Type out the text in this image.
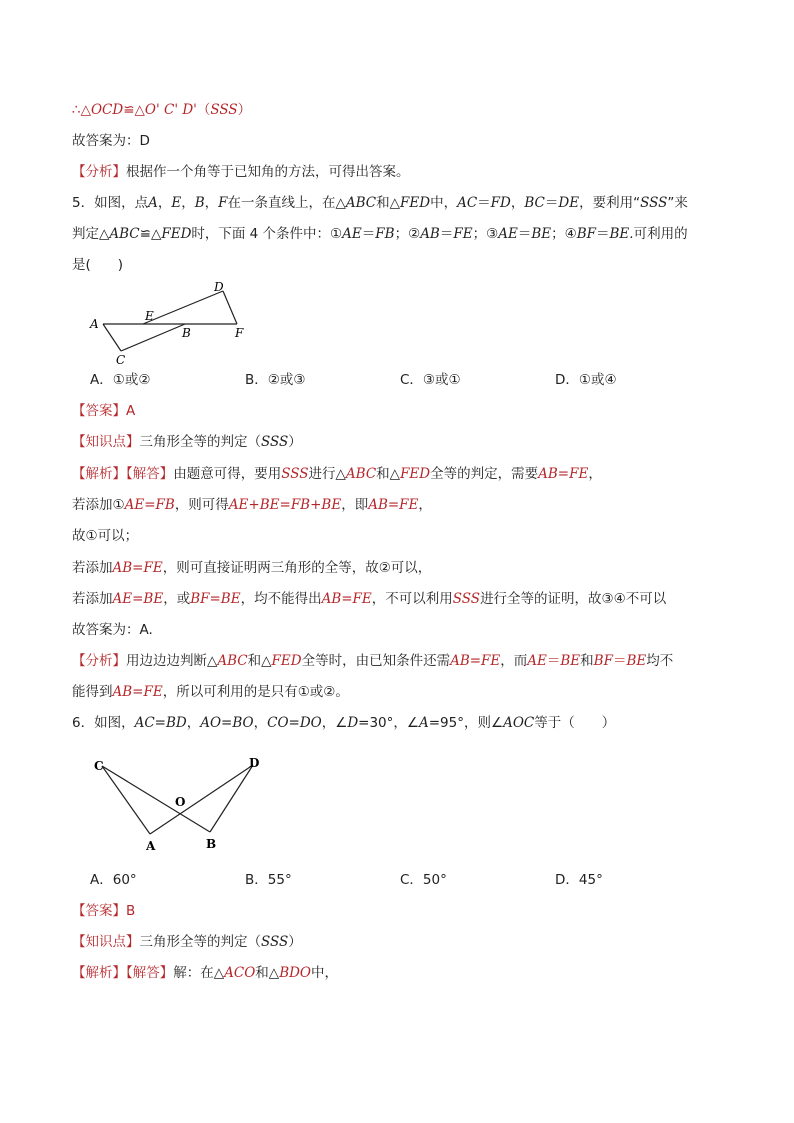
∴△OCD≌△O' C' D'（SSS）
故答案为：D
【分析】根据作一个角等于已知角的方法，可得出答案。
5．如图，点A，E，B，F在一条直线上，在△ABC和△FED中，AC＝FD，BC＝DE，要利用“SSS”来
判定△ABC≌△FED时，下面 4 个条件中：①AE＝FB；②AB＝FE；③AE＝BE；④BF＝BE.可利用的
是(　　)
A
E
B	F
C
D
A．①或②	B．②或③	C．③或①	D．①或④
【答案】A
【知识点】三角形全等的判定（SSS）
【解析】【解答】由题意可得，要用SSS进行△ABC和△FED全等的判定，需要AB=FE，
若添加①AE=FB，则可得AE+BE=FB+BE，即AB=FE，
故①可以；
若添加AB=FE，则可直接证明两三角形的全等，故②可以，
若添加AE=BE，或BF=BE，均不能得出AB=FE，不可以利用SSS进行全等的证明，故③④不可以
故答案为：A.
【分析】用边边边判断△ABC和△FED全等时，由已知条件还需AB=FE，而AE＝BE和BF＝BE均不
能得到AB=FE，所以可利用的是只有①或②。
6．如图，AC=BD，AO=BO，CO=DO，∠D=30°，∠A=95°，则∠AOC等于（　　）
C	D
O
A	B
A．60°	B．55°	C．50°	D．45°
【答案】B
【知识点】三角形全等的判定（SSS）
【解析】【解答】解：在△ACO和△BDO中，
